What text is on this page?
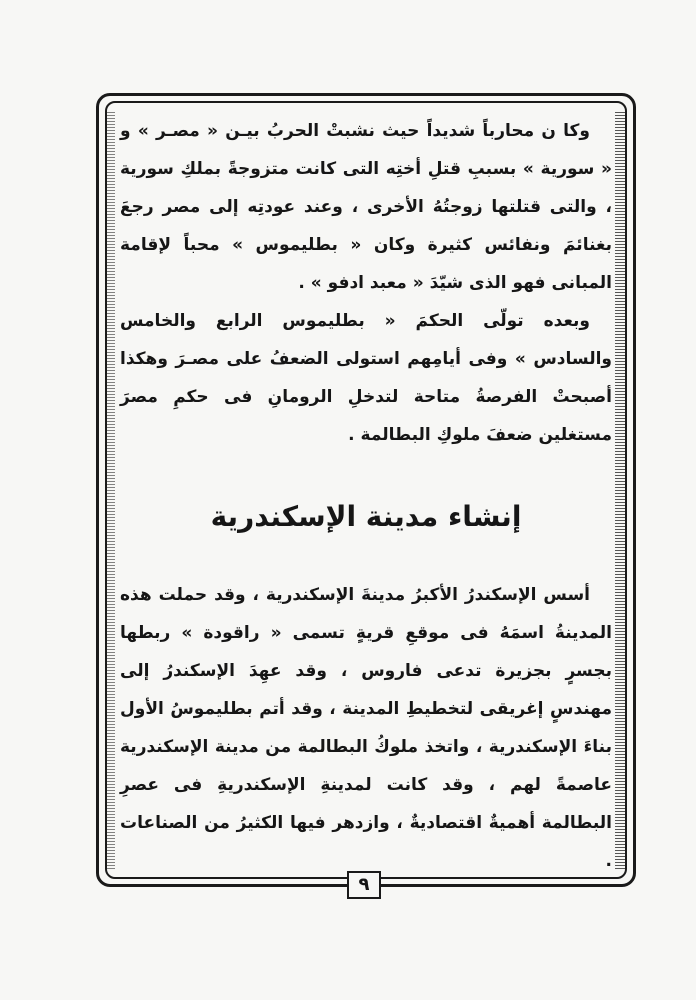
وكا ن محارباً شديداً حيث نشبتْ الحربُ بيـن « مصـر » و « سورية » بسببِ قتلِ أختِه التى كانت متزوجةً بملكِ سورية ، والتى قتلتها زوجتُهُ الأخرى ، وعند عودتِه إلى مصر رجعَ بغنائمَ ونفائس كثيرة وكان « بطليموس » محباً لإقامة المبانى فهو الذى شيّدَ « معبد ادفو » .

وبعده تولّى الحكمَ « بطليموس الرابع والخامس والسادس » وفى أيامِهم استولى الضعفُ على مصـرَ وهكذا أصبحتْ الفرصةُ متاحة لتدخلِ الرومانِ فى حكمِ مصرَ مستغلين ضعفَ ملوكِ البطالمة .

إنشاء مدينة الإسكندرية

أسس الإسكندرُ الأكبرُ مدينةَ الإسكندرية ، وقد حملت هذه المدينةُ اسمَهُ فى موقعِ قريةٍ تسمى « راقودة » ربطها بجسرٍ بجزيرة تدعى فاروس ، وقد عهِدَ الإسكندرُ إلى مهندسٍ إغريقى لتخطيطِ المدينة ، وقد أتم بطليموسُ الأول بناءَ الإسكندرية ، واتخذ ملوكُ البطالمة من مدينة الإسكندرية عاصمةً لهم ، وقد كانت لمدينةِ الإسكندريةِ فى عصرِ البطالمة أهميةٌ اقتصاديةٌ ، وازدهر فيها الكثيرُ من الصناعات .

٩
